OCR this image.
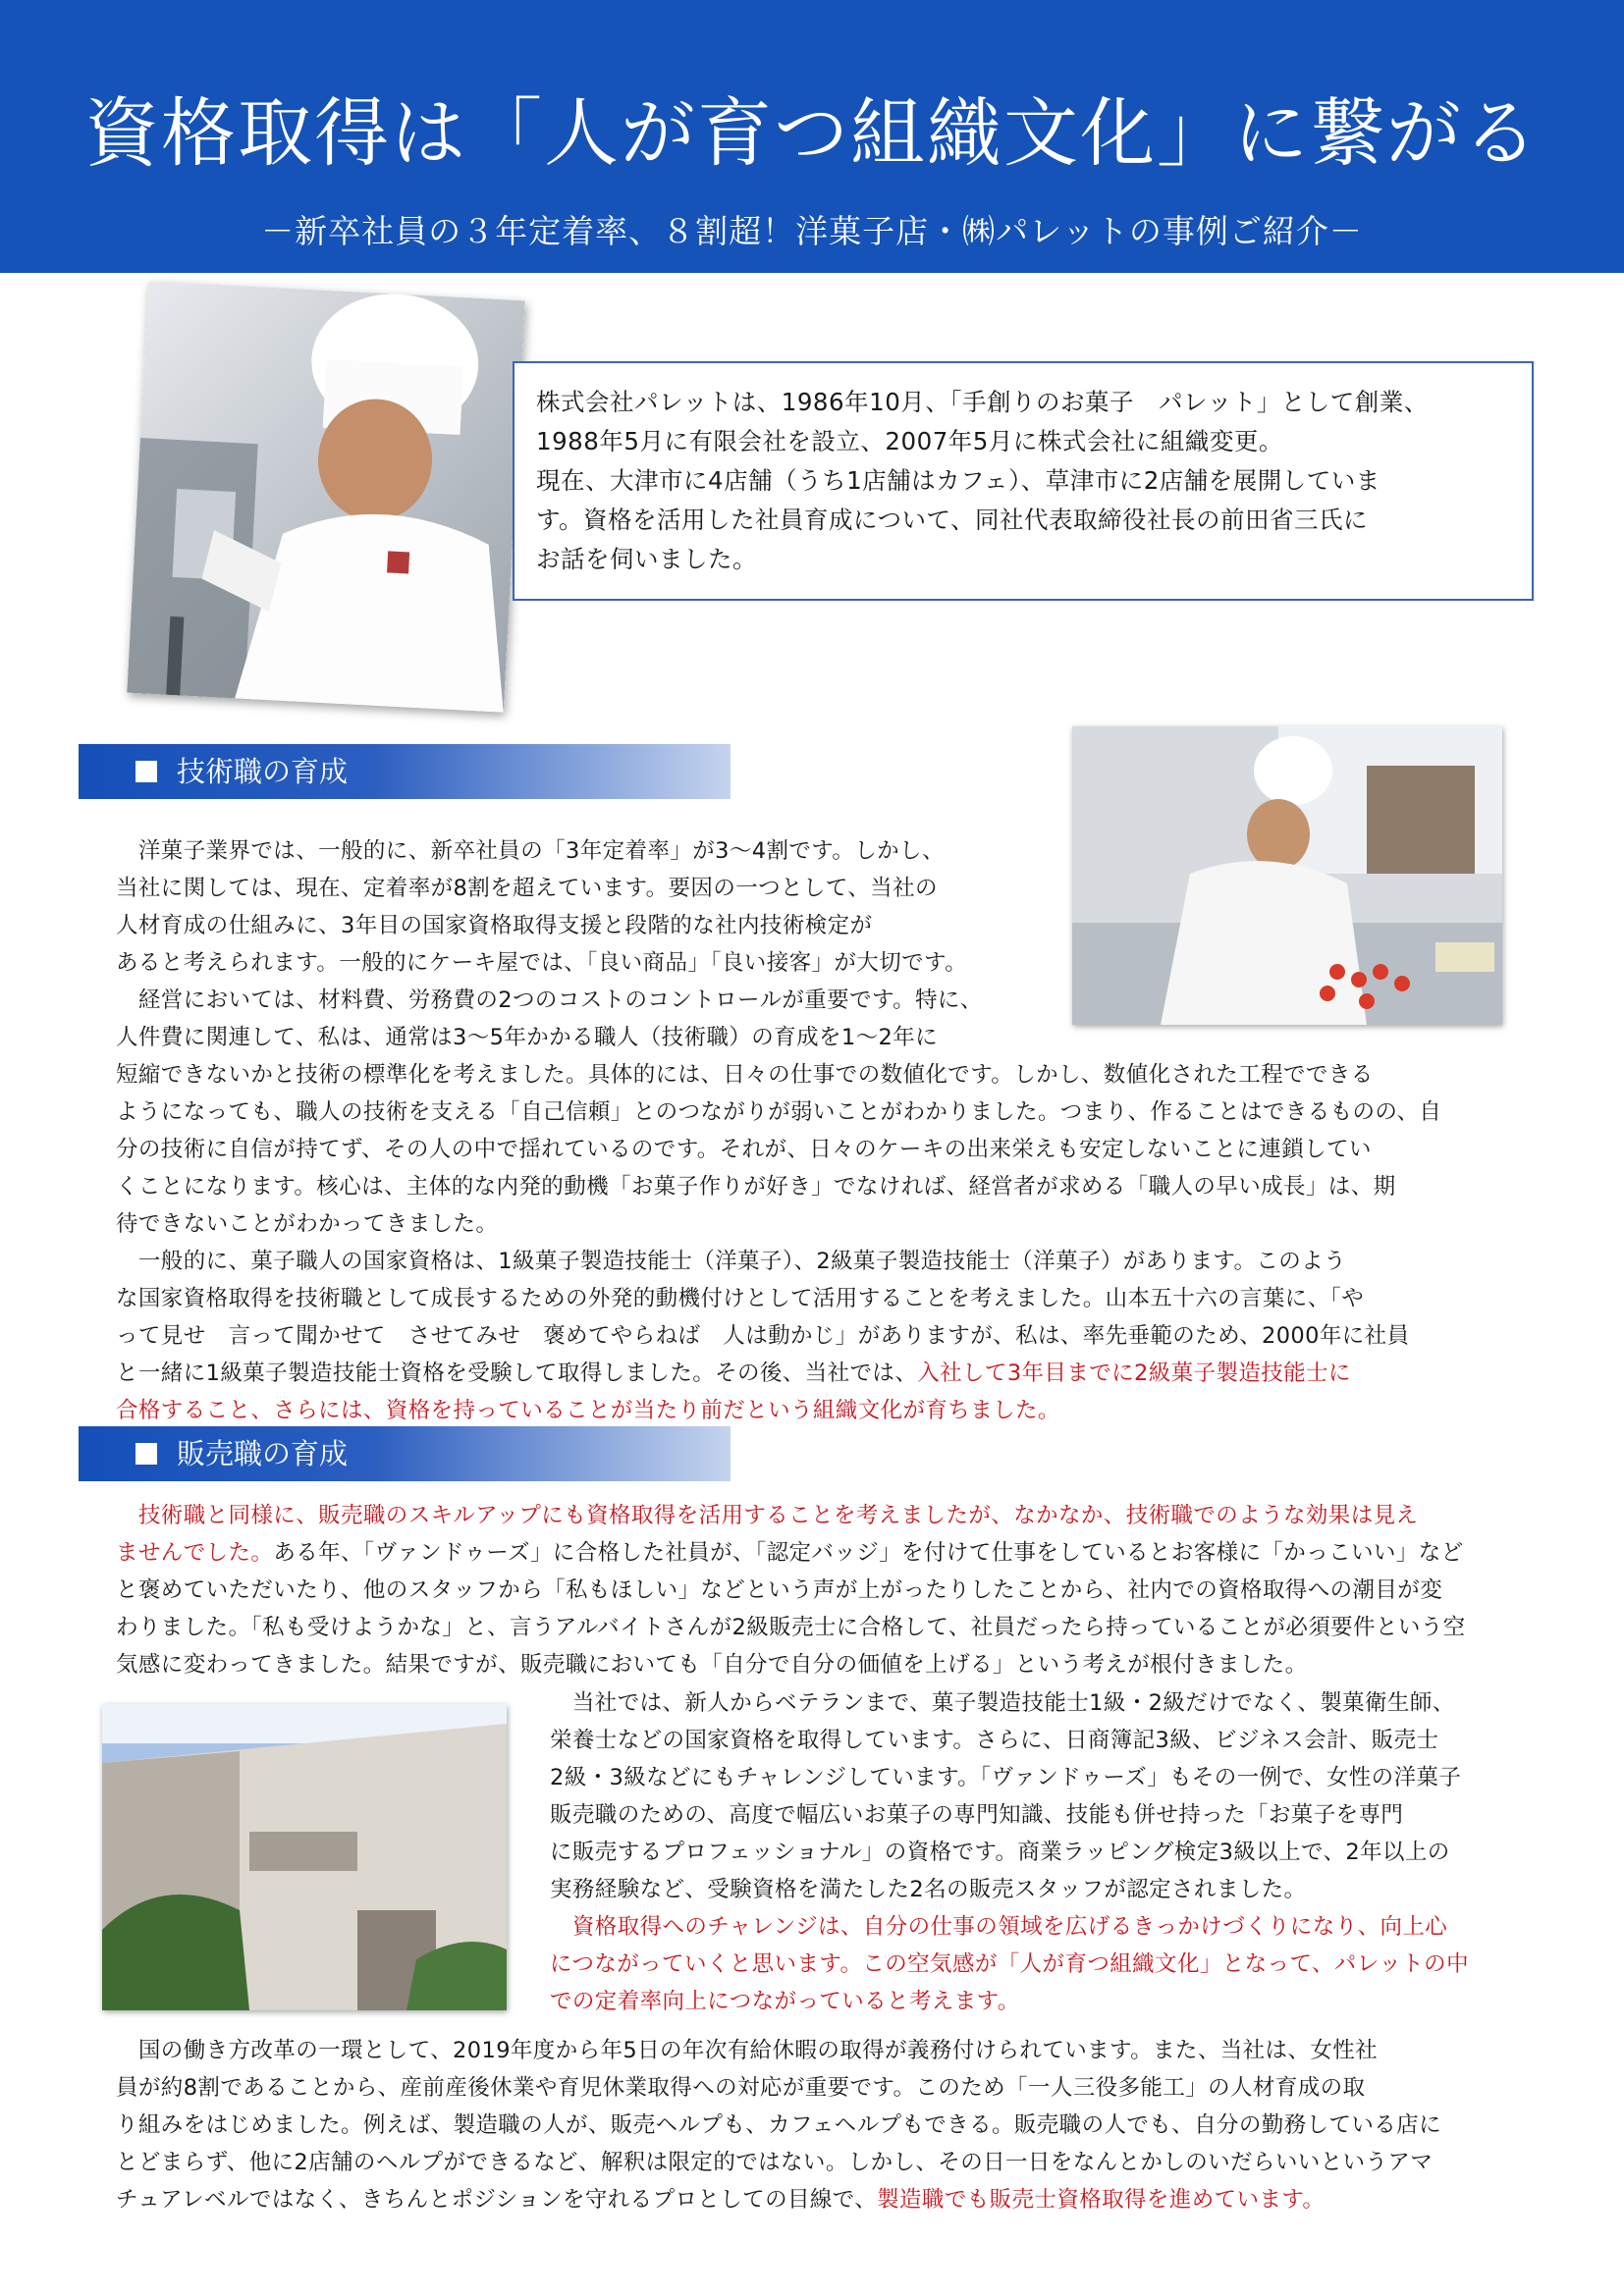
資格取得は「人が育つ組織文化」に繋がる
－新卒社員の３年定着率、８割超！洋菓子店・㈱パレットの事例ご紹介－

株式会社パレットは、1986年10月、「手創りのお菓子　パレット」として創業、

1988年5月に有限会社を設立、2007年5月に株式会社に組織変更。

現在、大津市に4店舗（うち1店舗はカフェ）、草津市に2店舗を展開していま

す。資格を活用した社員育成について、同社代表取締役社長の前田省三氏に

お話を伺いました。

技術職の育成
　洋菓子業界では、一般的に、新卒社員の「3年定着率」が3～4割です。しかし、
当社に関しては、現在、定着率が8割を超えています。要因の一つとして、当社の
人材育成の仕組みに、3年目の国家資格取得支援と段階的な社内技術検定が
あると考えられます。一般的にケーキ屋では、「良い商品」「良い接客」が大切です。
　経営においては、材料費、労務費の2つのコストのコントロールが重要です。特に、
人件費に関連して、私は、通常は3～5年かかる職人（技術職）の育成を1～2年に
短縮できないかと技術の標準化を考えました。具体的には、日々の仕事での数値化です。しかし、数値化された工程でできる
ようになっても、職人の技術を支える「自己信頼」とのつながりが弱いことがわかりました。つまり、作ることはできるものの、自
分の技術に自信が持てず、その人の中で揺れているのです。それが、日々のケーキの出来栄えも安定しないことに連鎖してい
くことになります。核心は、主体的な内発的動機「お菓子作りが好き」でなければ、経営者が求める「職人の早い成長」は、期
待できないことがわかってきました。
　一般的に、菓子職人の国家資格は、1級菓子製造技能士（洋菓子）、2級菓子製造技能士（洋菓子）があります。このよう
な国家資格取得を技術職として成長するための外発的動機付けとして活用することを考えました。山本五十六の言葉に、「や
って見せ　言って聞かせて　させてみせ　褒めてやらねば　人は動かじ」がありますが、私は、率先垂範のため、2000年に社員
と一緒に1級菓子製造技能士資格を受験して取得しました。その後、当社では、入社して3年目までに2級菓子製造技能士に
合格すること、さらには、資格を持っていることが当たり前だという組織文化が育ちました。
販売職の育成
　技術職と同様に、販売職のスキルアップにも資格取得を活用することを考えましたが、なかなか、技術職でのような効果は見え
ませんでした。ある年、「ヴァンドゥーズ」に合格した社員が、「認定バッジ」を付けて仕事をしているとお客様に「かっこいい」など
と褒めていただいたり、他のスタッフから「私もほしい」などという声が上がったりしたことから、社内での資格取得への潮目が変
わりました。「私も受けようかな」と、言うアルバイトさんが2級販売士に合格して、社員だったら持っていることが必須要件という空
気感に変わってきました。結果ですが、販売職においても「自分で自分の価値を上げる」という考えが根付きました。
　当社では、新人からベテランまで、菓子製造技能士1級・2級だけでなく、製菓衛生師、
栄養士などの国家資格を取得しています。さらに、日商簿記3級、ビジネス会計、販売士
2級・3級などにもチャレンジしています。「ヴァンドゥーズ」もその一例で、女性の洋菓子
販売職のための、高度で幅広いお菓子の専門知識、技能も併せ持った「お菓子を専門
に販売するプロフェッショナル」の資格です。商業ラッピング検定3級以上で、2年以上の
実務経験など、受験資格を満たした2名の販売スタッフが認定されました。
　資格取得へのチャレンジは、自分の仕事の領域を広げるきっかけづくりになり、向上心
につながっていくと思います。この空気感が「人が育つ組織文化」となって、パレットの中
での定着率向上につながっていると考えます。
　国の働き方改革の一環として、2019年度から年5日の年次有給休暇の取得が義務付けられています。また、当社は、女性社
員が約8割であることから、産前産後休業や育児休業取得への対応が重要です。このため「一人三役多能工」の人材育成の取
り組みをはじめました。例えば、製造職の人が、販売ヘルプも、カフェヘルプもできる。販売職の人でも、自分の勤務している店に
とどまらず、他に2店舗のヘルプができるなど、解釈は限定的ではない。しかし、その日一日をなんとかしのいだらいいというアマ
チュアレベルではなく、きちんとポジションを守れるプロとしての目線で、製造職でも販売士資格取得を進めています。
